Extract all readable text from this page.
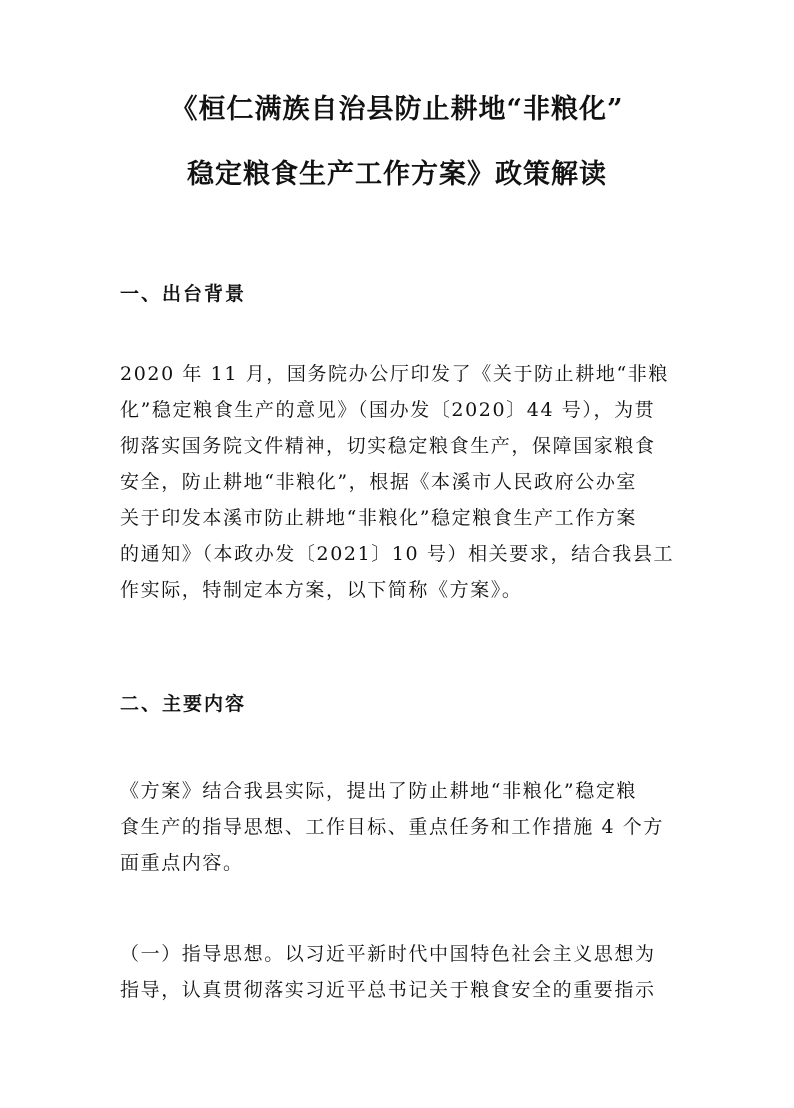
《桓仁满族自治县防止耕地“非粮化”
稳定粮食生产工作方案》政策解读
一、出台背景
2020 年 11 月，国务院办公厅印发了《关于防止耕地“非粮
化”稳定粮食生产的意见》（国办发〔2020〕44 号），为贯
彻落实国务院文件精神，切实稳定粮食生产，保障国家粮食
安全，防止耕地“非粮化”，根据《本溪市人民政府公办室
关于印发本溪市防止耕地“非粮化”稳定粮食生产工作方案
的通知》（本政办发〔2021〕10 号）相关要求，结合我县工
作实际，特制定本方案，以下简称《方案》。
二、主要内容
《方案》结合我县实际，提出了防止耕地“非粮化”稳定粮
食生产的指导思想、工作目标、重点任务和工作措施 4 个方
面重点内容。
（一）指导思想。以习近平新时代中国特色社会主义思想为
指导，认真贯彻落实习近平总书记关于粮食安全的重要指示
